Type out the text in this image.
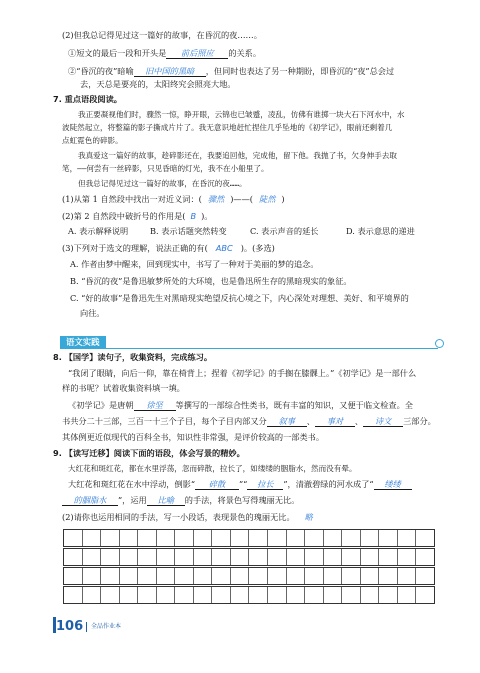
(2)但我总记得见过这一篇好的故事，在昏沉的夜……。
①短文的最后一段和开头是 前后照应 的关系。
②“昏沉的夜”暗喻 旧中国的黑暗 ，但同时也表达了另一种期盼，即昏沉的“夜”总会过
去，天总是要亮的，太阳终究会照亮大地。
7. 重点语段阅读。
我正要凝视他们时，骤然一惊，睁开眼，云锦也已皱蹙，凌乱，仿佛有谁掷一块大石下河水中，水
波陡然起立，将整篇的影子撕成片片了。我无意识地赶忙捏住几乎坠地的《初学记》，眼前还剩着几
点虹霓色的碎影。
我真爱这一篇好的故事，趁碎影还在，我要追回他，完成他，留下他。我抛了书，欠身伸手去取
笔，——何尝有一丝碎影，只见昏暗的灯光，我不在小船里了。
但我总记得见过这一篇好的故事，在昏沉的夜……。
(1)从第 1 自然段中找出一对近义词：( 骤然 )——( 陡然 )
(2)第 2 自然段中破折号的作用是( B )。
A. 表示解释说明	B. 表示话题突然转变	C. 表示声音的延长	D. 表示意思的递进
(3)下列对于选文的理解，说法正确的有( ABC )。(多选)
A. 作者由梦中醒来，回到现实中，书写了一种对于美丽的梦的追念。
B. “昏沉的夜”是鲁迅敏梦所处的大环境，也是鲁迅所生存的黑暗现实的象征。
C. “好的故事”是鲁迅先生对黑暗现实绝望反抗心境之下，内心深处对理想、美好、和平境界的
向往。
语文实践
8. 【国学】读句子，收集资料，完成练习。
“我闭了眼睛，向后一仰，靠在椅背上；捏着《初学记》的手搁在膝髁上。”《初学记》是一部什么
样的书呢？试着收集资料填一填。
《初学记》是唐朝 徐坚 等撰写的一部综合性类书，既有丰富的知识，又便于临文检查。全
书共分二十三部，三百一十三个子目，每个子目内部又分 叙事 、 事对 、 诗文 三部分。
其体例更近似现代的百科全书，知识性非常强，是评价较高的一部类书。
9. 【读写迁移】阅读下面的语段，体会写景的精妙。
大红花和斑红花，都在水里浮荡，忽而碎散，拉长了，如缕缕的胭脂水，然而没有晕。
大红花和斑红花在水中浮动，倒影“ 碎散 ”“ 拉长 ”，清澈碧绿的河水成了“ 缕缕
的胭脂水 ”，运用 比喻 的手法，将景色写得瑰丽无比。
(2)请你也运用相同的手法，写一小段话，表现景色的瑰丽无比。 略
106 全品作业本
